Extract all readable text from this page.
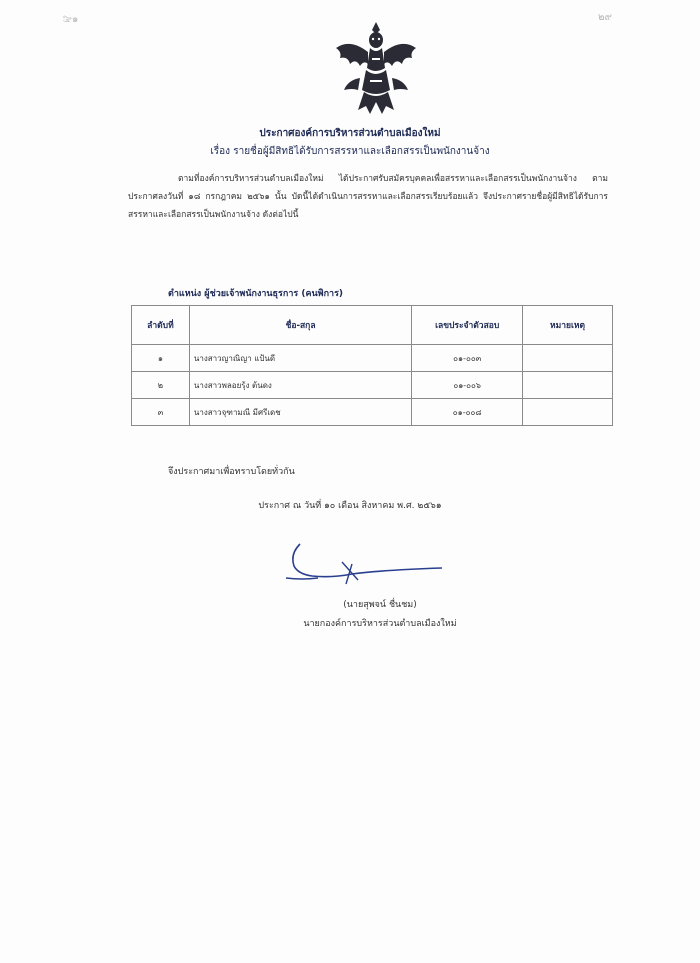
ࡢ๑	๒๙
ประกาศองค์การบริหารส่วนตำบลเมืองใหม่
เรื่อง รายชื่อผู้มีสิทธิได้รับการสรรหาและเลือกสรรเป็นพนักงานจ้าง
ตามที่องค์การบริหารส่วนตำบลเมืองใหม่ ได้ประกาศรับสมัครบุคคลเพื่อสรรหาและเลือกสรรเป็นพนักงานจ้าง ตามประกาศลงวันที่ ๑๘ กรกฎาคม ๒๕๖๑ นั้น บัดนี้ได้ดำเนินการสรรหาและเลือกสรรเรียบร้อยแล้ว จึงประกาศรายชื่อผู้มีสิทธิได้รับการสรรหาและเลือกสรรเป็นพนักงานจ้าง ดังต่อไปนี้
ตำแหน่ง ผู้ช่วยเจ้าพนักงานธุรการ (คนพิการ)
ลำดับที่	ชื่อ-สกุล	เลขประจำตัวสอบ	หมายเหตุ
๑	นางสาวญาณิญา แป้นดี	๐๑-๐๐๓	
๒	นางสาวพลอยรุ้ง ต้นดง	๐๑-๐๐๖	
๓	นางสาวจุฑามณี มีศรีเดช	๐๑-๐๐๘	
จึงประกาศมาเพื่อทราบโดยทั่วกัน
ประกาศ ณ วันที่ ๑๐ เดือน สิงหาคม พ.ศ. ๒๕๖๑
(นายสุพจน์ ชื่นชม)
นายกองค์การบริหารส่วนตำบลเมืองใหม่
